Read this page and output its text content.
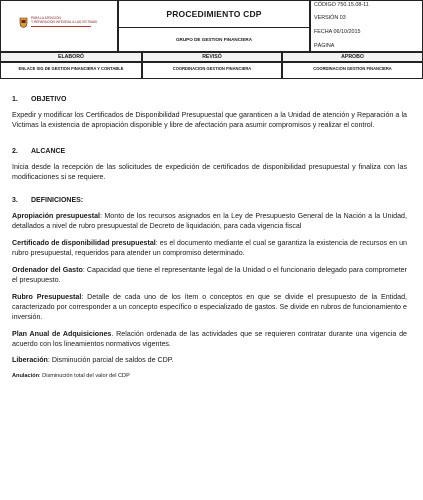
PARA LA ATENCIÓN
Y REPARACIÓN INTEGRAL A LAS VÍCTIMAS
PROCEDIMIENTO CDP
GRUPO DE GESTION FINANCIERA
CÓDIGO 750.15.08-11
VERSIÓN 03
FECHA 06/10/2015
PÁGINA
ELABORÓ	REVISÓ	APROBO
ENLACE SIG DE GESTION FINANCIERA Y CONTABLE	COORDINACION GESTION FINANCIERA	COORDINACION GESTION FINANCIERA
1. OBJETIVO

Expedir y modificar los Certificados de Disponibilidad Presupuestal que garanticen a la Unidad de atención y Reparación a la Victimas la existencia de apropiación disponible y libre de afectación para asumir compromisos y realizar el control.

2. ALCANCE

Inicia desde la recepción de las solicitudes de expedición de certificados de disponibilidad presupuestal y finaliza con las modificaciones si se requiere.

3. DEFINICIONES:

Apropiación presupuestal: Monto de los recursos asignados en la Ley de Presupuesto General de la Nación a la Unidad, detallados a nivel de rubro presupuestal de Decreto de liquidación, para cada vigencia fiscal

Certificado de disponibilidad presupuestal: es el documento mediante el cual se garantiza la existencia de recursos en un rubro presupuestal, requeridos para atender un compromiso determinado.

Ordenador del Gasto: Capacidad que tiene el representante legal de la Unidad o el funcionario delegado para comprometer el presupuesto.

Rubro Presupuestal: Detalle de cada uno de los ítem o conceptos en que se divide el presupuesto de la Entidad, caracterizado por corresponder a un concepto específico o especializado de gastos. Se divide en rubros de funcionamiento e inversión.

Plan Anual de Adquisiciones. Relación ordenada de las actividades que se requieren contratar durante una vigencia de acuerdo con los lineamientos normativos vigentes.

Liberación: Disminución parcial de saldos de CDP.

Anulación: Disminución total del valor del CDP
